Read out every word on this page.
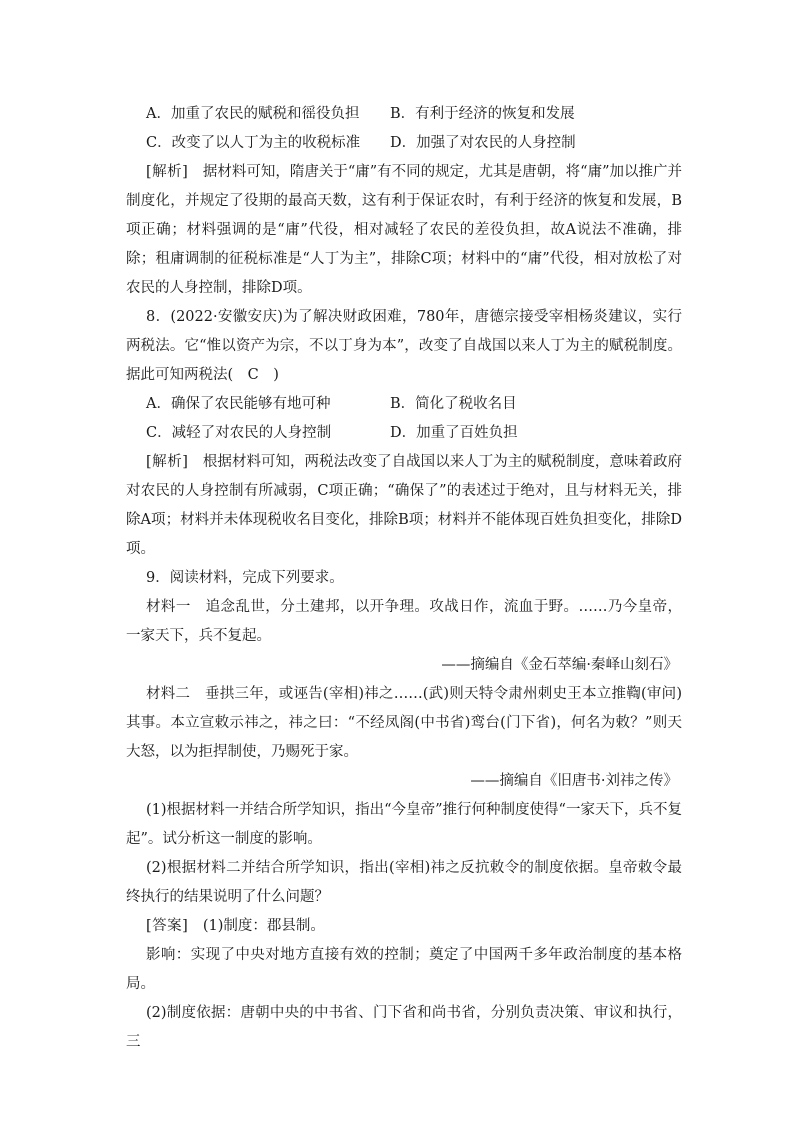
A．加重了农民的赋税和徭役负担	B．有利于经济的恢复和发展
C．改变了以人丁为主的收税标准	D．加强了对农民的人身控制

[解析]　据材料可知，隋唐关于“庸”有不同的规定，尤其是唐朝，将“庸”加以推广并制度化，并规定了役期的最高天数，这有利于保证农时，有利于经济的恢复和发展，B项正确；材料强调的是“庸”代役，相对减轻了农民的差役负担，故A说法不准确，排除；租庸调制的征税标准是“人丁为主”，排除C项；材料中的“庸”代役，相对放松了对农民的人身控制，排除D项。

8．(2022·安徽安庆)为了解决财政困难，780年，唐德宗接受宰相杨炎建议，实行两税法。它“惟以资产为宗，不以丁身为本”，改变了自战国以来人丁为主的赋税制度。据此可知两税法(　C　)

A．确保了农民能够有地可种	B．简化了税收名目
C．减轻了对农民的人身控制	D．加重了百姓负担

[解析]　根据材料可知，两税法改变了自战国以来人丁为主的赋税制度，意味着政府对农民的人身控制有所减弱，C项正确；“确保了”的表述过于绝对，且与材料无关，排除A项；材料并未体现税收名目变化，排除B项；材料并不能体现百姓负担变化，排除D项。

9．阅读材料，完成下列要求。

材料一　追念乱世，分土建邦，以开争理。攻战日作，流血于野。……乃今皇帝，一家天下，兵不复起。

——摘编自《金石萃编·秦峄山刻石》

材料二　垂拱三年，或诬告(宰相)祎之……(武)则天特令肃州刺史王本立推鞫(审问)其事。本立宣敕示祎之，祎之曰：“不经凤阁(中书省)鸾台(门下省)，何名为敕？”则天大怒，以为拒捍制使，乃赐死于家。

——摘编自《旧唐书·刘祎之传》

(1)根据材料一并结合所学知识，指出“今皇帝”推行何种制度使得“一家天下，兵不复起”。试分析这一制度的影响。

(2)根据材料二并结合所学知识，指出(宰相)祎之反抗敕令的制度依据。皇帝敕令最终执行的结果说明了什么问题？

[答案]　(1)制度：郡县制。

影响：实现了中央对地方直接有效的控制；奠定了中国两千多年政治制度的基本格局。

(2)制度依据：唐朝中央的中书省、门下省和尚书省，分别负责决策、审议和执行，三
